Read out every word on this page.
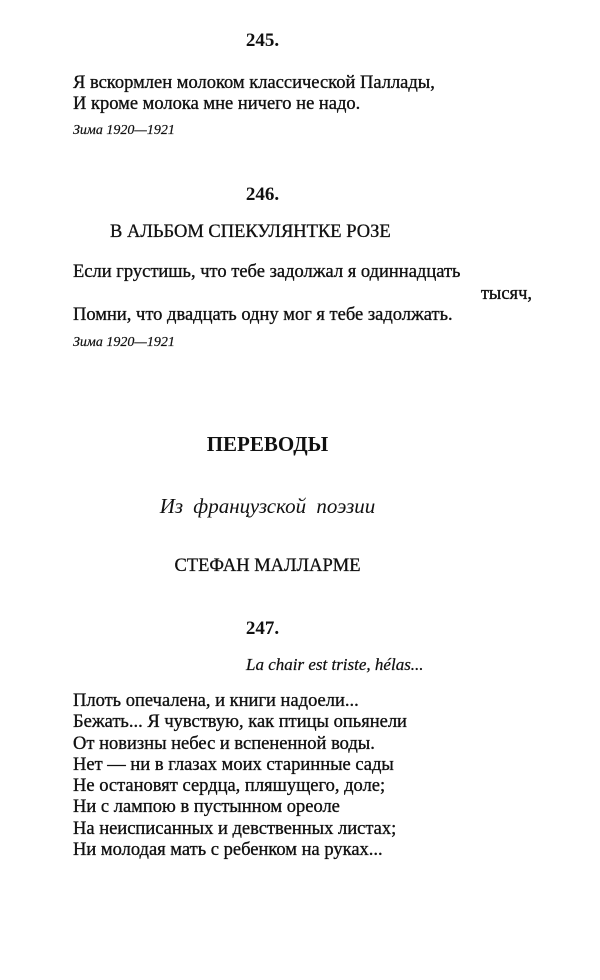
245.
Я вскормлен молоком классической Паллады,
И кроме молока мне ничего не надо.
Зима 1920—1921
246.
В АЛЬБОМ СПЕКУЛЯНТКЕ РОЗЕ
Если грустишь, что тебе задолжал я одиннадцать
тысяч,
Помни, что двадцать одну мог я тебе задолжать.
Зима 1920—1921
ПЕРЕВОДЫ
Из французской поэзии
СТЕФАН МАЛЛАРМЕ
247.
La chair est triste, hélas...
Плоть опечалена, и книги надоели...
Бежать... Я чувствую, как птицы опьянели
От новизны небес и вспененной воды.
Нет — ни в глазах моих старинные сады
Не остановят сердца, пляшущего, доле;
Ни с лампою в пустынном ореоле
На неисписанных и девственных листах;
Ни молодая мать с ребенком на руках...
